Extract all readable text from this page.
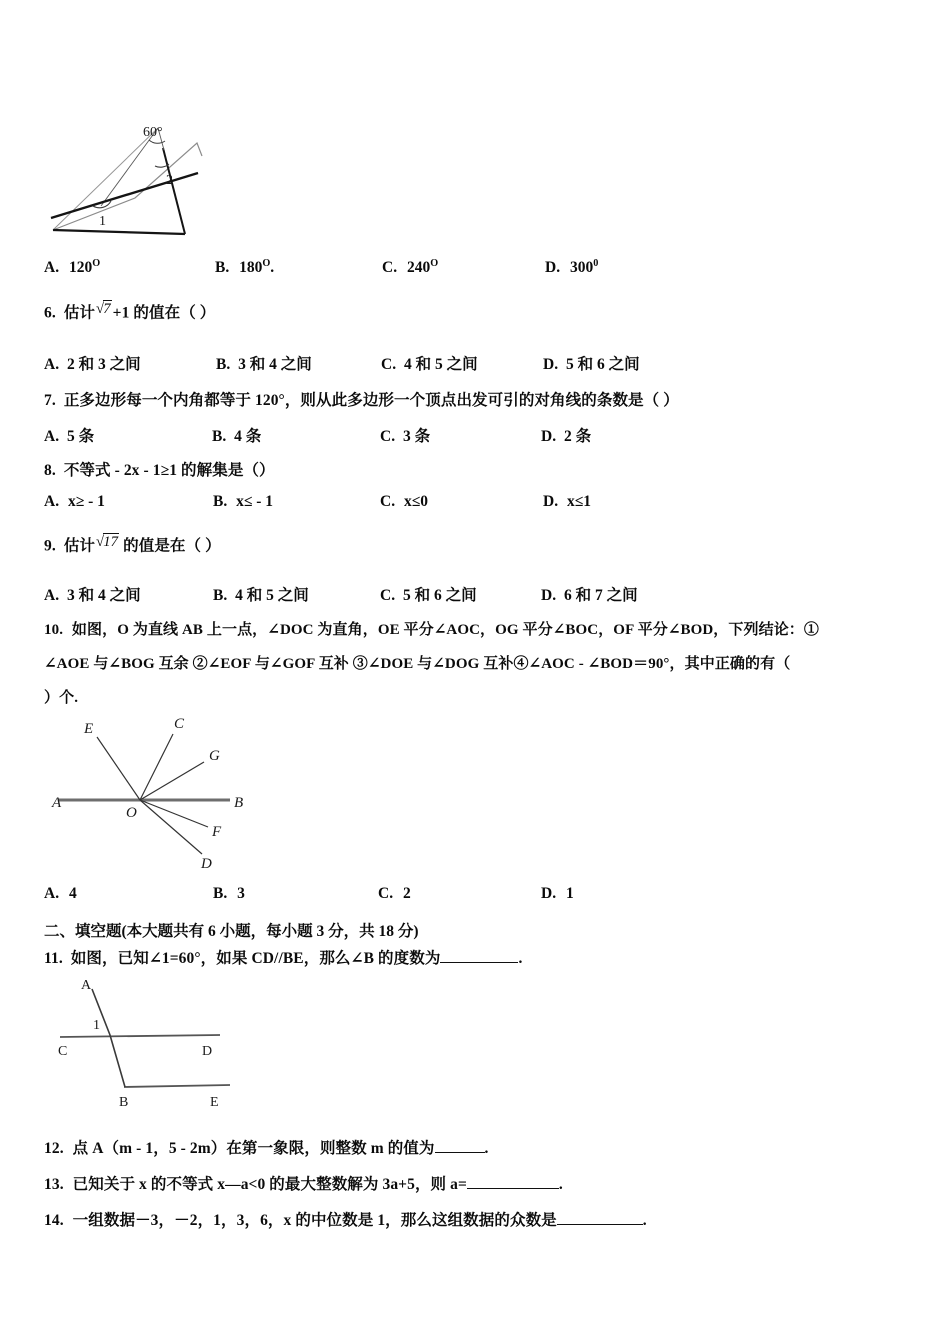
60°
1
2
A. $120^O$	B. $180^O$.	C. $240^O$	D. $300^0$
6. 估计√7 +1 的值在（ ）
A. 2 和 3 之间	B. 3 和 4 之间	C. 4 和 5 之间	D. 5 和 6 之间
7. 正多边形每一个内角都等于 120°，则从此多边形一个顶点出发可引的对角线的条数是（ ）
A. 5 条	B. 4 条	C. 3 条	D. 2 条
8. 不等式 - 2x - 1≥1 的解集是（）
A. x≥ - 1	B. x≤ - 1	C. x≤0	D. x≤1
9. 估计√17 的值是在（ ）
A. 3 和 4 之间	B. 4 和 5 之间	C. 5 和 6 之间	D. 6 和 7 之间
10. 如图，O 为直线 AB 上一点，∠DOC 为直角，OE 平分∠AOC，OG 平分∠BOC，OF 平分∠BOD，下列结论：①
∠AOE 与∠BOG 互余 ②∠EOF 与∠GOF 互补 ③∠DOE 与∠DOG 互补④∠AOC - ∠BOD＝90°，其中正确的有（
）个.
A	B
O
E	C
G
F
D
A. 4	B. 3	C. 2	D. 1
二、填空题(本大题共有 6 小题，每小题 3 分，共 18 分)
11. 如图，已知∠1=60°，如果 CD//BE，那么∠B 的度数为	.
A
C	D
B	E
1
12. 点 A（m - 1，5 - 2m）在第一象限，则整数 m 的值为	.
13. 已知关于 x 的不等式 x—a<0 的最大整数解为 3a+5，则 a=	.
14. 一组数据－3，－2，1，3，6，x 的中位数是 1，那么这组数据的众数是	.
